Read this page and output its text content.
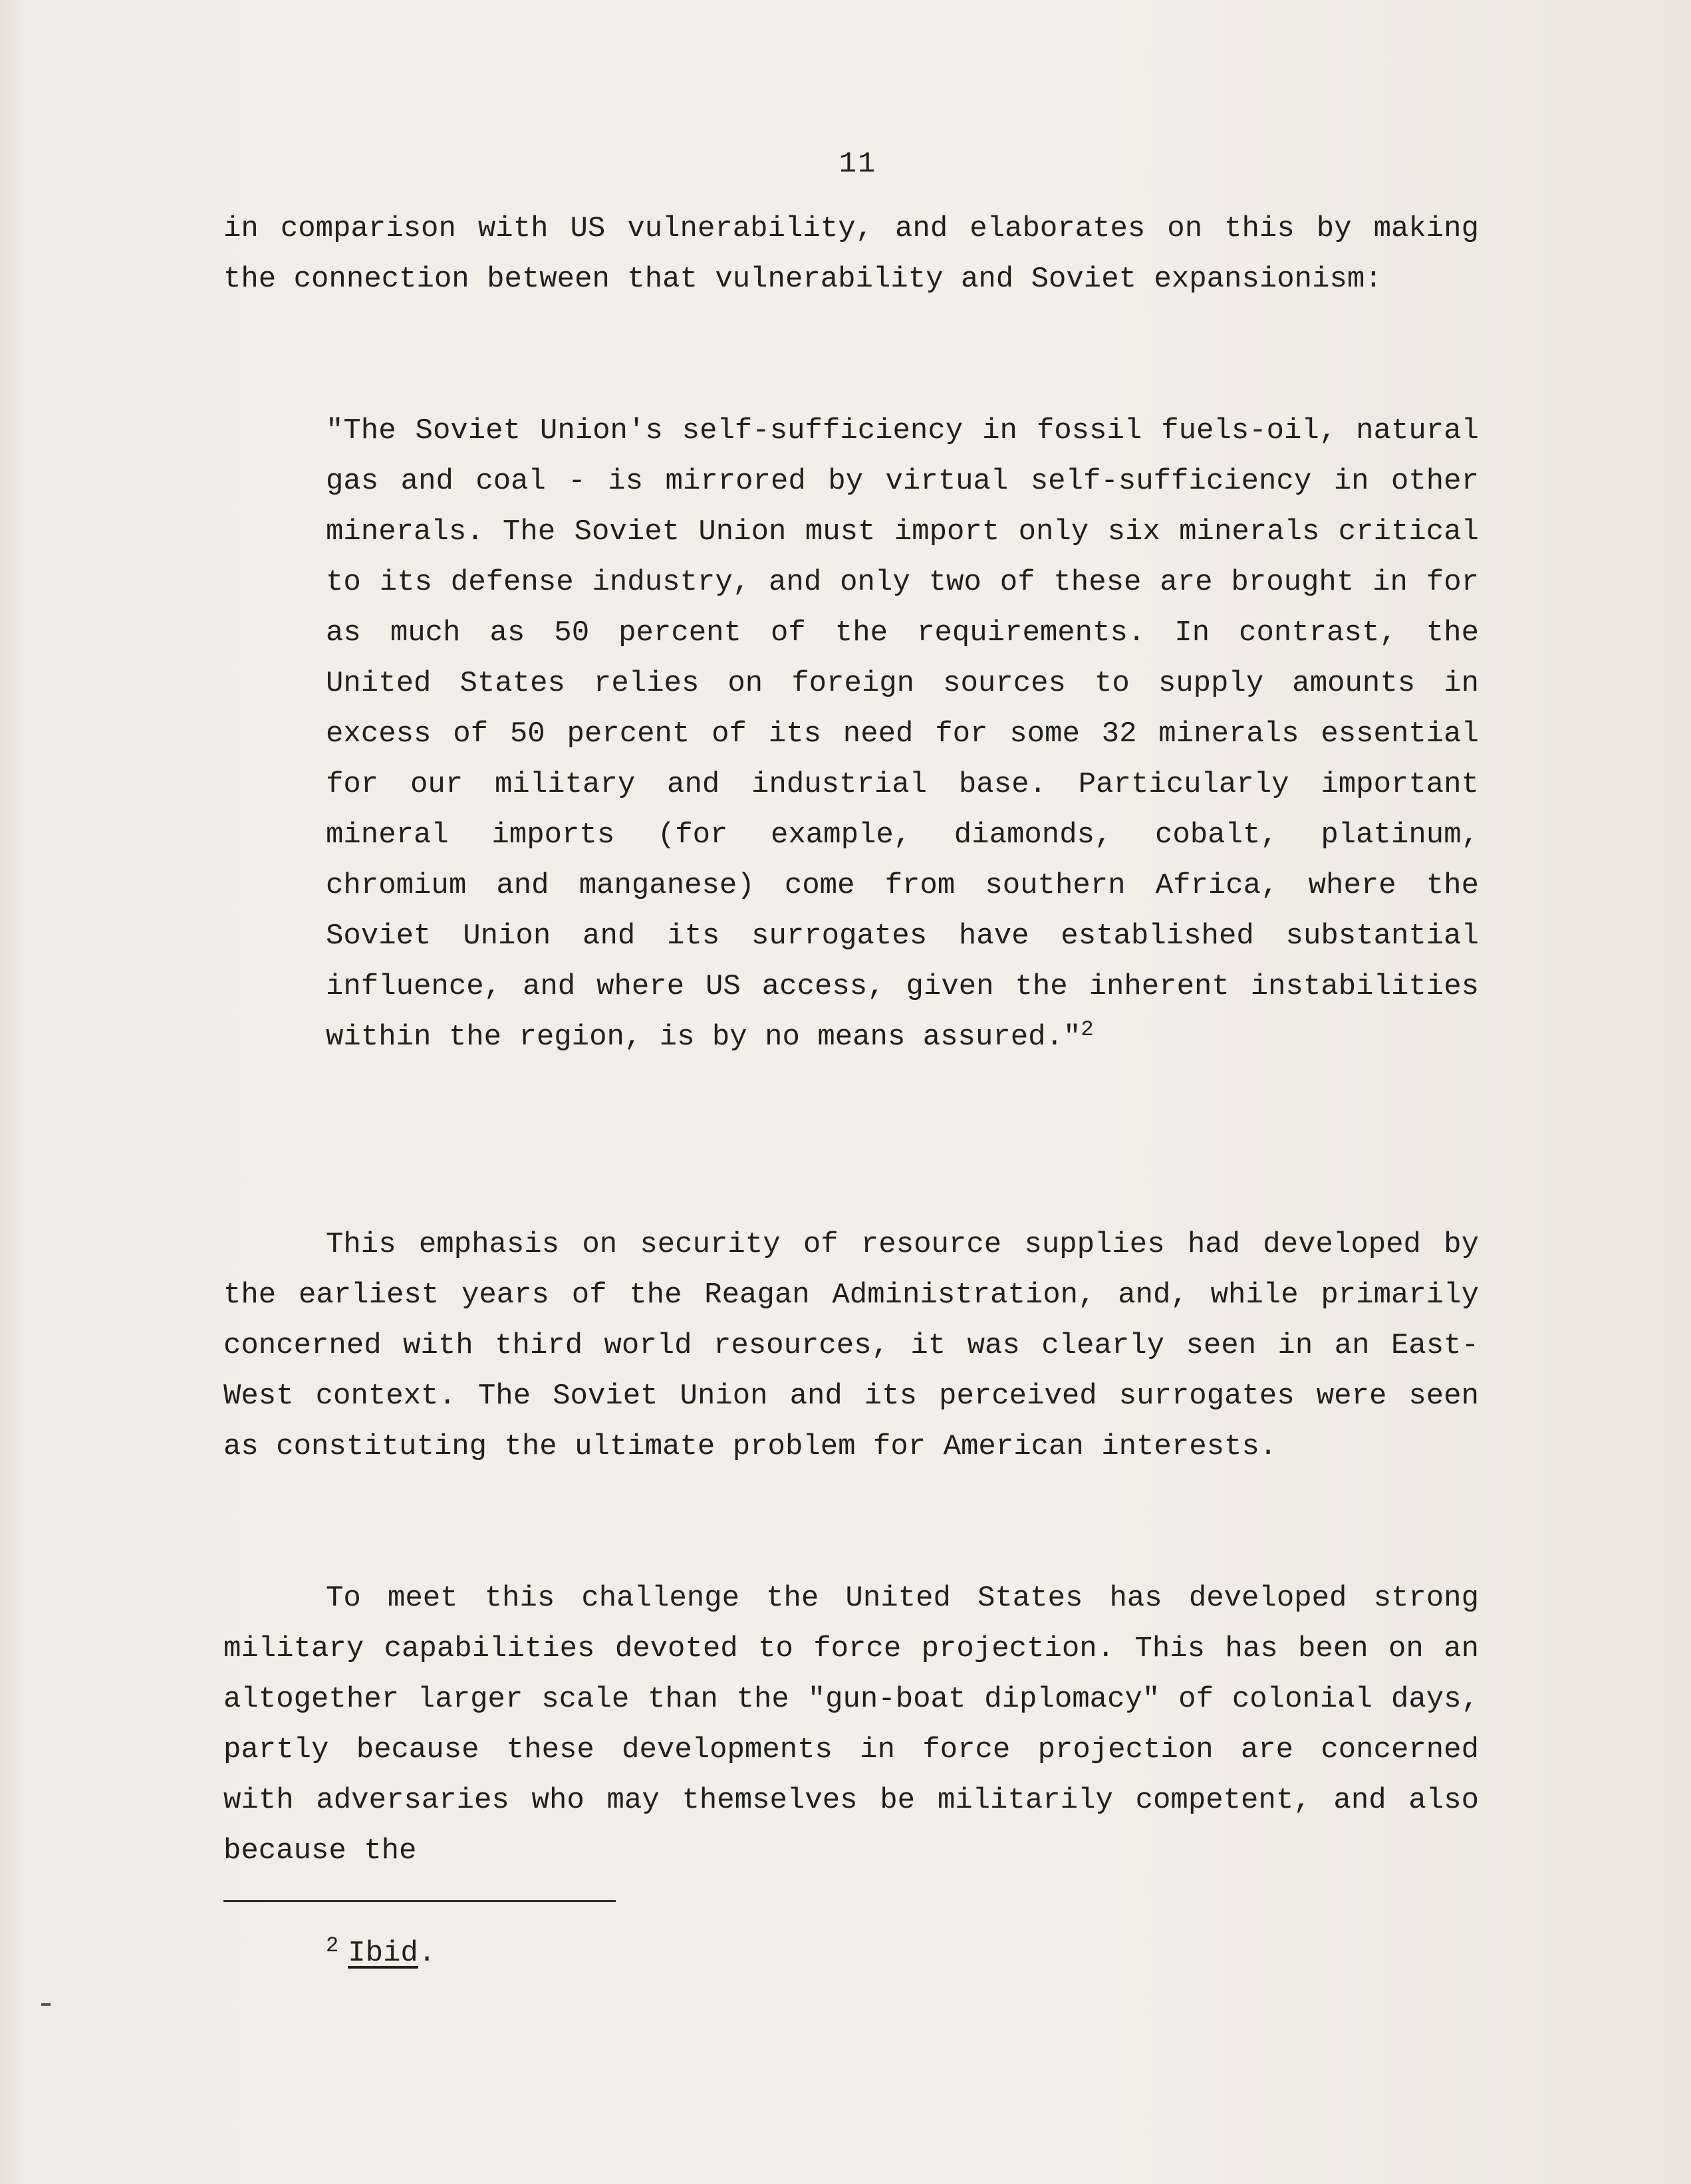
11

in comparison with US vulnerability, and elaborates on this by making the connection between that vulnerability and Soviet expansionism:

"The Soviet Union's self-sufficiency in fossil fuels-oil, natural gas and coal - is mirrored by virtual self-sufficiency in other minerals. The Soviet Union must import only six minerals critical to its defense industry, and only two of these are brought in for as much as 50 percent of the requirements. In contrast, the United States relies on foreign sources to supply amounts in excess of 50 percent of its need for some 32 minerals essential for our military and industrial base. Particularly important mineral imports (for example, diamonds, cobalt, platinum, chromium and manganese) come from southern Africa, where the Soviet Union and its surrogates have established substantial influence, and where US access, given the inherent instabilities within the region, is by no means assured."$^2$

This emphasis on security of resource supplies had developed by the earliest years of the Reagan Administration, and, while primarily concerned with third world resources, it was clearly seen in an East-West context. The Soviet Union and its perceived surrogates were seen as constituting the ultimate problem for American interests.

To meet this challenge the United States has developed strong military capabilities devoted to force projection. This has been on an altogether larger scale than the "gun-boat diplomacy" of colonial days, partly because these developments in force projection are concerned with adversaries who may themselves be militarily competent, and also because the

$^2$ Ibid.
